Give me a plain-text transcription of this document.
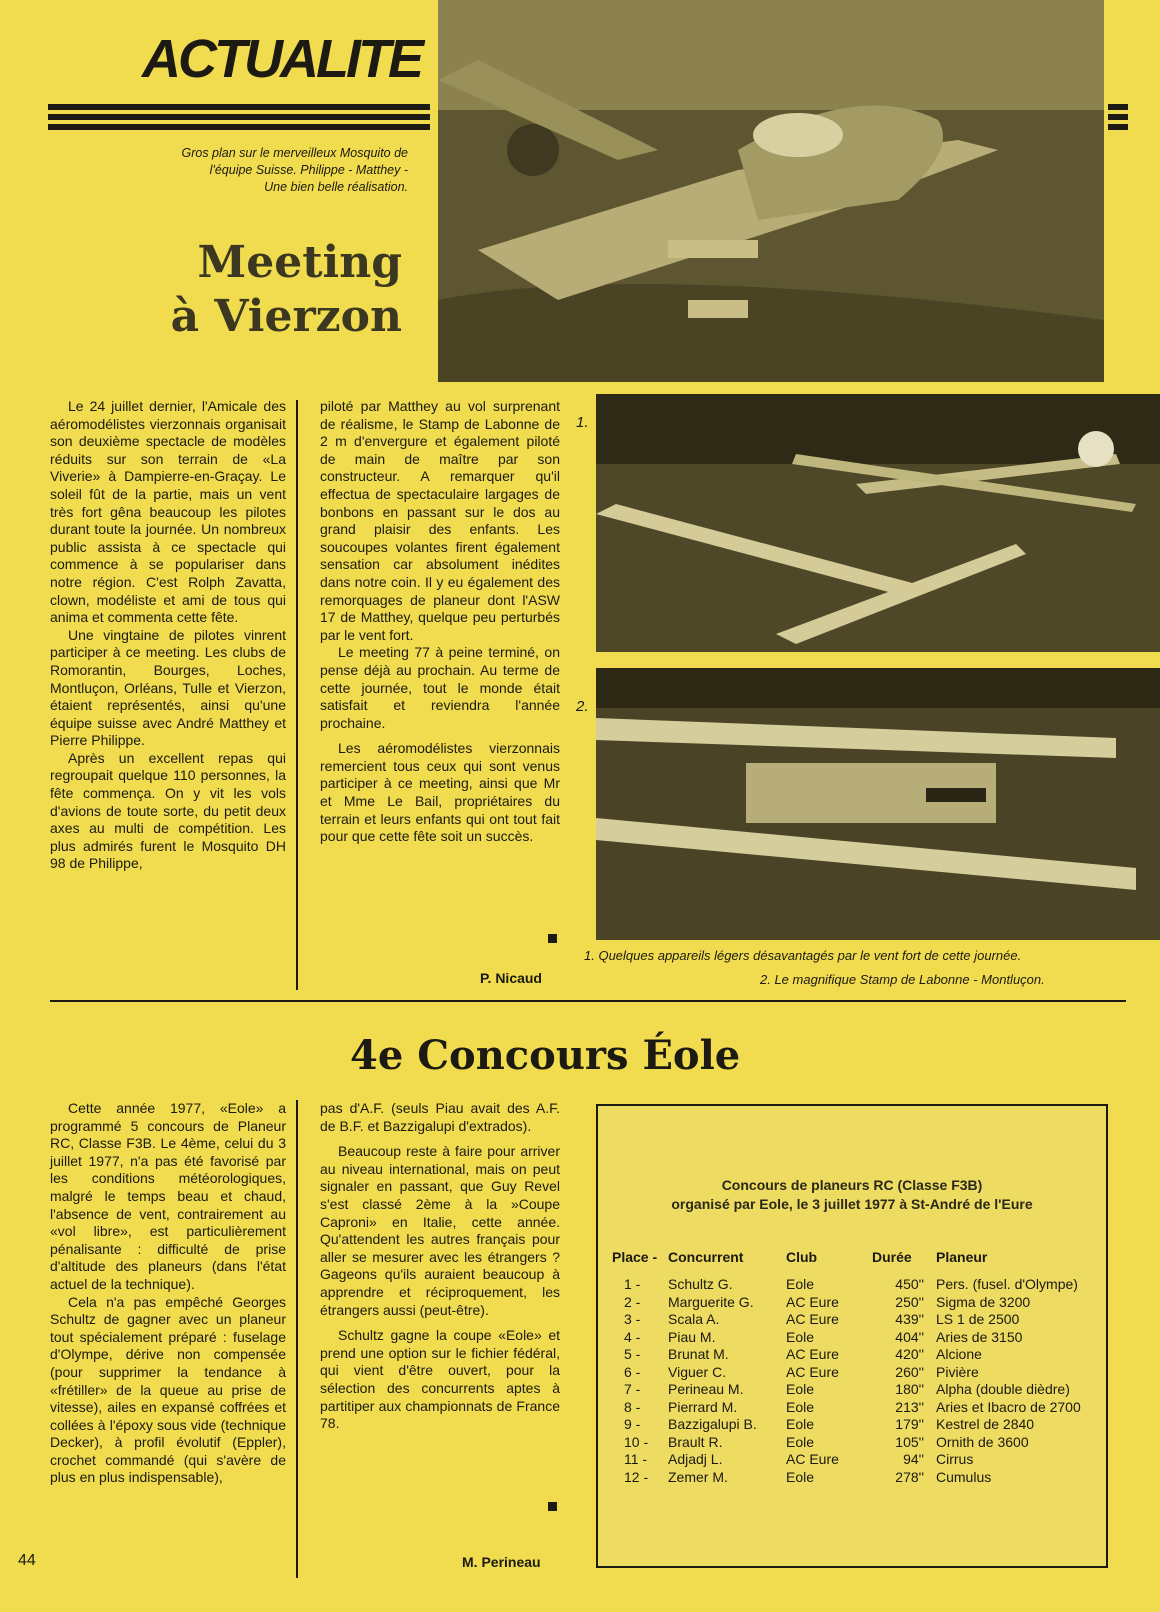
ACTUALITE
Gros plan sur le merveilleux Mosquito de
l'équipe Suisse. Philippe - Matthey -
Une bien belle réalisation.
Meeting
à Vierzon

Le 24 juillet dernier, l'Amicale des aéromodélistes vierzonnais organisait son deuxième spectacle de modèles réduits sur son terrain de «La Viverie» à Dampierre-en-Graçay. Le soleil fût de la partie, mais un vent très fort gêna beaucoup les pilotes durant toute la journée. Un nombreux public assista à ce spectacle qui commence à se populariser dans notre région. C'est Rolph Zavatta, clown, modéliste et ami de tous qui anima et commenta cette fête.

Une vingtaine de pilotes vinrent participer à ce meeting. Les clubs de Romorantin, Bourges, Loches, Montluçon, Orléans, Tulle et Vierzon, étaient représentés, ainsi qu'une équipe suisse avec André Matthey et Pierre Philippe.

Après un excellent repas qui regroupait quelque 110 personnes, la fête commença. On y vit les vols d'avions de toute sorte, du petit deux axes au multi de compétition. Les plus admirés furent le Mosquito DH 98 de Philippe,

piloté par Matthey au vol surprenant de réalisme, le Stamp de Labonne de 2 m d'envergure et également piloté de main de maître par son constructeur. A remarquer qu'il effectua de spectaculaire largages de bonbons en passant sur le dos au grand plaisir des enfants. Les soucoupes volantes firent également sensation car absolument inédites dans notre coin. Il y eu également des remorquages de planeur dont l'ASW 17 de Matthey, quelque peu perturbés par le vent fort.

Le meeting 77 à peine terminé, on pense déjà au prochain. Au terme de cette journée, tout le monde était satisfait et reviendra l'année prochaine.

Les aéromodélistes vierzonnais remercient tous ceux qui sont venus participer à ce meeting, ainsi que Mr et Mme Le Bail, propriétaires du terrain et leurs enfants qui ont tout fait pour que cette fête soit un succès.

P. Nicaud
1.
2.
1. Quelques appareils légers désavantagés par le vent fort de cette journée.
2. Le magnifique Stamp de Labonne - Montluçon.
4e Concours Éole

Cette année 1977, «Eole» a programmé 5 concours de Planeur RC, Classe F3B. Le 4ème, celui du 3 juillet 1977, n'a pas été favorisé par les conditions météorologiques, malgré le temps beau et chaud, l'absence de vent, contrairement au «vol libre», est particulièrement pénalisante : difficulté de prise d'altitude des planeurs (dans l'état actuel de la technique).

Cela n'a pas empêché Georges Schultz de gagner avec un planeur tout spécialement préparé : fuselage d'Olympe, dérive non compensée (pour supprimer la tendance à «frétiller» de la queue au prise de vitesse), ailes en expansé coffrées et collées à l'époxy sous vide (technique Decker), à profil évolutif (Eppler), crochet commandé (qui s'avère de plus en plus indispensable),

pas d'A.F. (seuls Piau avait des A.F. de B.F. et Bazzigalupi d'extrados).

Beaucoup reste à faire pour arriver au niveau international, mais on peut signaler en passant, que Guy Revel s'est classé 2ème à la »Coupe Caproni» en Italie, cette année. Qu'attendent les autres français pour aller se mesurer avec les étrangers ? Gageons qu'ils auraient beaucoup à apprendre et réciproquement, les étrangers aussi (peut-être).

Schultz gagne la coupe «Eole» et prend une option sur le fichier fédéral, qui vient d'être ouvert, pour la sélection des concurrents aptes à partitiper aux championnats de France 78.

M. Perineau
Concours de planeurs RC (Classe F3B)
organisé par Eole, le 3 juillet 1977 à St-André de l'Eure
Place -	Concurrent	Club	Durée	Planeur
1 -	Schultz G.	Eole	450''	Pers. (fusel. d'Olympe)
2 -	Marguerite G.	AC Eure	250''	Sigma de 3200
3 -	Scala A.	AC Eure	439''	LS 1 de 2500
4 -	Piau M.	Eole	404''	Aries de 3150
5 -	Brunat M.	AC Eure	420''	Alcione
6 -	Viguer C.	AC Eure	260''	Pivière
7 -	Perineau M.	Eole	180''	Alpha (double dièdre)
8 -	Pierrard M.	Eole	213''	Aries et Ibacro de 2700
9 -	Bazzigalupi B.	Eole	179''	Kestrel de 2840
10 -	Brault R.	Eole	105''	Ornith de 3600
11 -	Adjadj L.	AC Eure	94''	Cirrus
12 -	Zemer M.	Eole	278''	Cumulus
44
